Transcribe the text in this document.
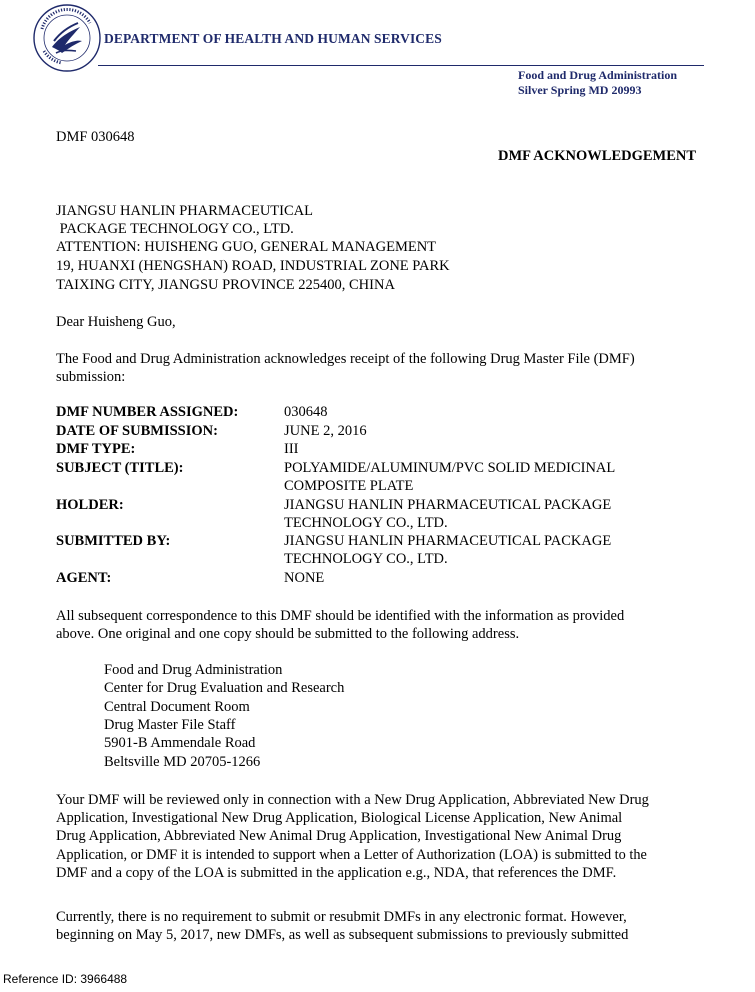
DEPARTMENT OF HEALTH AND HUMAN SERVICES
Food and Drug Administration
Silver Spring MD 20993
DMF 030648
DMF ACKNOWLEDGEMENT
JIANGSU HANLIN PHARMACEUTICAL
PACKAGE TECHNOLOGY CO., LTD.
ATTENTION: HUISHENG GUO, GENERAL MANAGEMENT
19, HUANXI (HENGSHAN) ROAD, INDUSTRIAL ZONE PARK
TAIXING CITY, JIANGSU PROVINCE 225400, CHINA
Dear Huisheng Guo,
The Food and Drug Administration acknowledges receipt of the following Drug Master File (DMF)
submission:
DMF NUMBER ASSIGNED:	030648
DATE OF SUBMISSION:	JUNE 2, 2016
DMF TYPE:	III
SUBJECT (TITLE):	POLYAMIDE/ALUMINUM/PVC SOLID MEDICINAL
COMPOSITE PLATE
HOLDER:	JIANGSU HANLIN PHARMACEUTICAL PACKAGE
TECHNOLOGY CO., LTD.
SUBMITTED BY:	JIANGSU HANLIN PHARMACEUTICAL PACKAGE
TECHNOLOGY CO., LTD.
AGENT:	NONE
All subsequent correspondence to this DMF should be identified with the information as provided
above. One original and one copy should be submitted to the following address.
Food and Drug Administration
Center for Drug Evaluation and Research
Central Document Room
Drug Master File Staff
5901-B Ammendale Road
Beltsville MD 20705-1266
Your DMF will be reviewed only in connection with a New Drug Application, Abbreviated New Drug
Application, Investigational New Drug Application, Biological License Application, New Animal
Drug Application, Abbreviated New Animal Drug Application, Investigational New Animal Drug
Application, or DMF it is intended to support when a Letter of Authorization (LOA) is submitted to the
DMF and a copy of the LOA is submitted in the application e.g., NDA, that references the DMF.
Currently, there is no requirement to submit or resubmit DMFs in any electronic format. However,
beginning on May 5, 2017, new DMFs, as well as subsequent submissions to previously submitted
Reference ID: 3966488
